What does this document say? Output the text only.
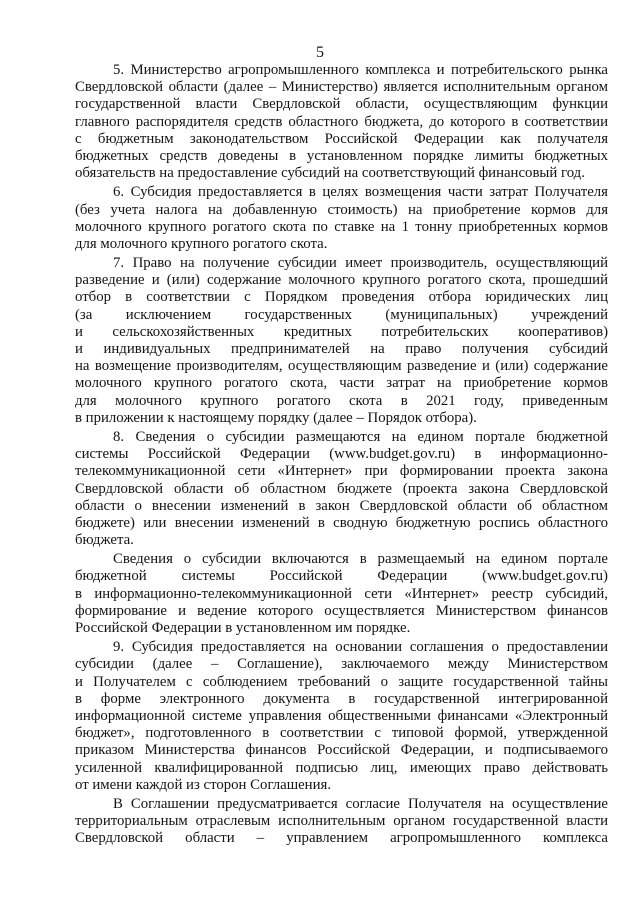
5
5. Министерство агропромышленного комплекса и потребительского рынка
Свердловской области (далее – Министерство) является исполнительным органом
государственной власти Свердловской области, осуществляющим функции
главного распорядителя средств областного бюджета, до которого в соответствии
с бюджетным законодательством Российской Федерации как получателя
бюджетных средств доведены в установленном порядке лимиты бюджетных
обязательств на предоставление субсидий на соответствующий финансовый год.
6. Субсидия предоставляется в целях возмещения части затрат Получателя
(без учета налога на добавленную стоимость) на приобретение кормов для
молочного крупного рогатого скота по ставке на 1 тонну приобретенных кормов
для молочного крупного рогатого скота.
7. Право на получение субсидии имеет производитель, осуществляющий
разведение и (или) содержание молочного крупного рогатого скота, прошедший
отбор в соответствии с Порядком проведения отбора юридических лиц
(за исключением государственных (муниципальных) учреждений
и сельскохозяйственных кредитных потребительских кооперативов)
и индивидуальных предпринимателей на право получения субсидий
на возмещение производителям, осуществляющим разведение и (или) содержание
молочного крупного рогатого скота, части затрат на приобретение кормов
для молочного крупного рогатого скота в 2021 году, приведенным
в приложении к настоящему порядку (далее – Порядок отбора).
8. Сведения о субсидии размещаются на едином портале бюджетной
системы Российской Федерации (www.budget.gov.ru) в информационно-
телекоммуникационной сети «Интернет» при формировании проекта закона
Свердловской области об областном бюджете (проекта закона Свердловской
области о внесении изменений в закон Свердловской области об областном
бюджете) или внесении изменений в сводную бюджетную роспись областного
бюджета.
Сведения о субсидии включаются в размещаемый на едином портале
бюджетной системы Российской Федерации (www.budget.gov.ru)
в информационно-телекоммуникационной сети «Интернет» реестр субсидий,
формирование и ведение которого осуществляется Министерством финансов
Российской Федерации в установленном им порядке.
9. Субсидия предоставляется на основании соглашения о предоставлении
субсидии (далее – Соглашение), заключаемого между Министерством
и Получателем с соблюдением требований о защите государственной тайны
в форме электронного документа в государственной интегрированной
информационной системе управления общественными финансами «Электронный
бюджет», подготовленного в соответствии с типовой формой, утвержденной
приказом Министерства финансов Российской Федерации, и подписываемого
усиленной квалифицированной подписью лиц, имеющих право действовать
от имени каждой из сторон Соглашения.
В Соглашении предусматривается согласие Получателя на осуществление
территориальным отраслевым исполнительным органом государственной власти
Свердловской области – управлением агропромышленного комплекса
